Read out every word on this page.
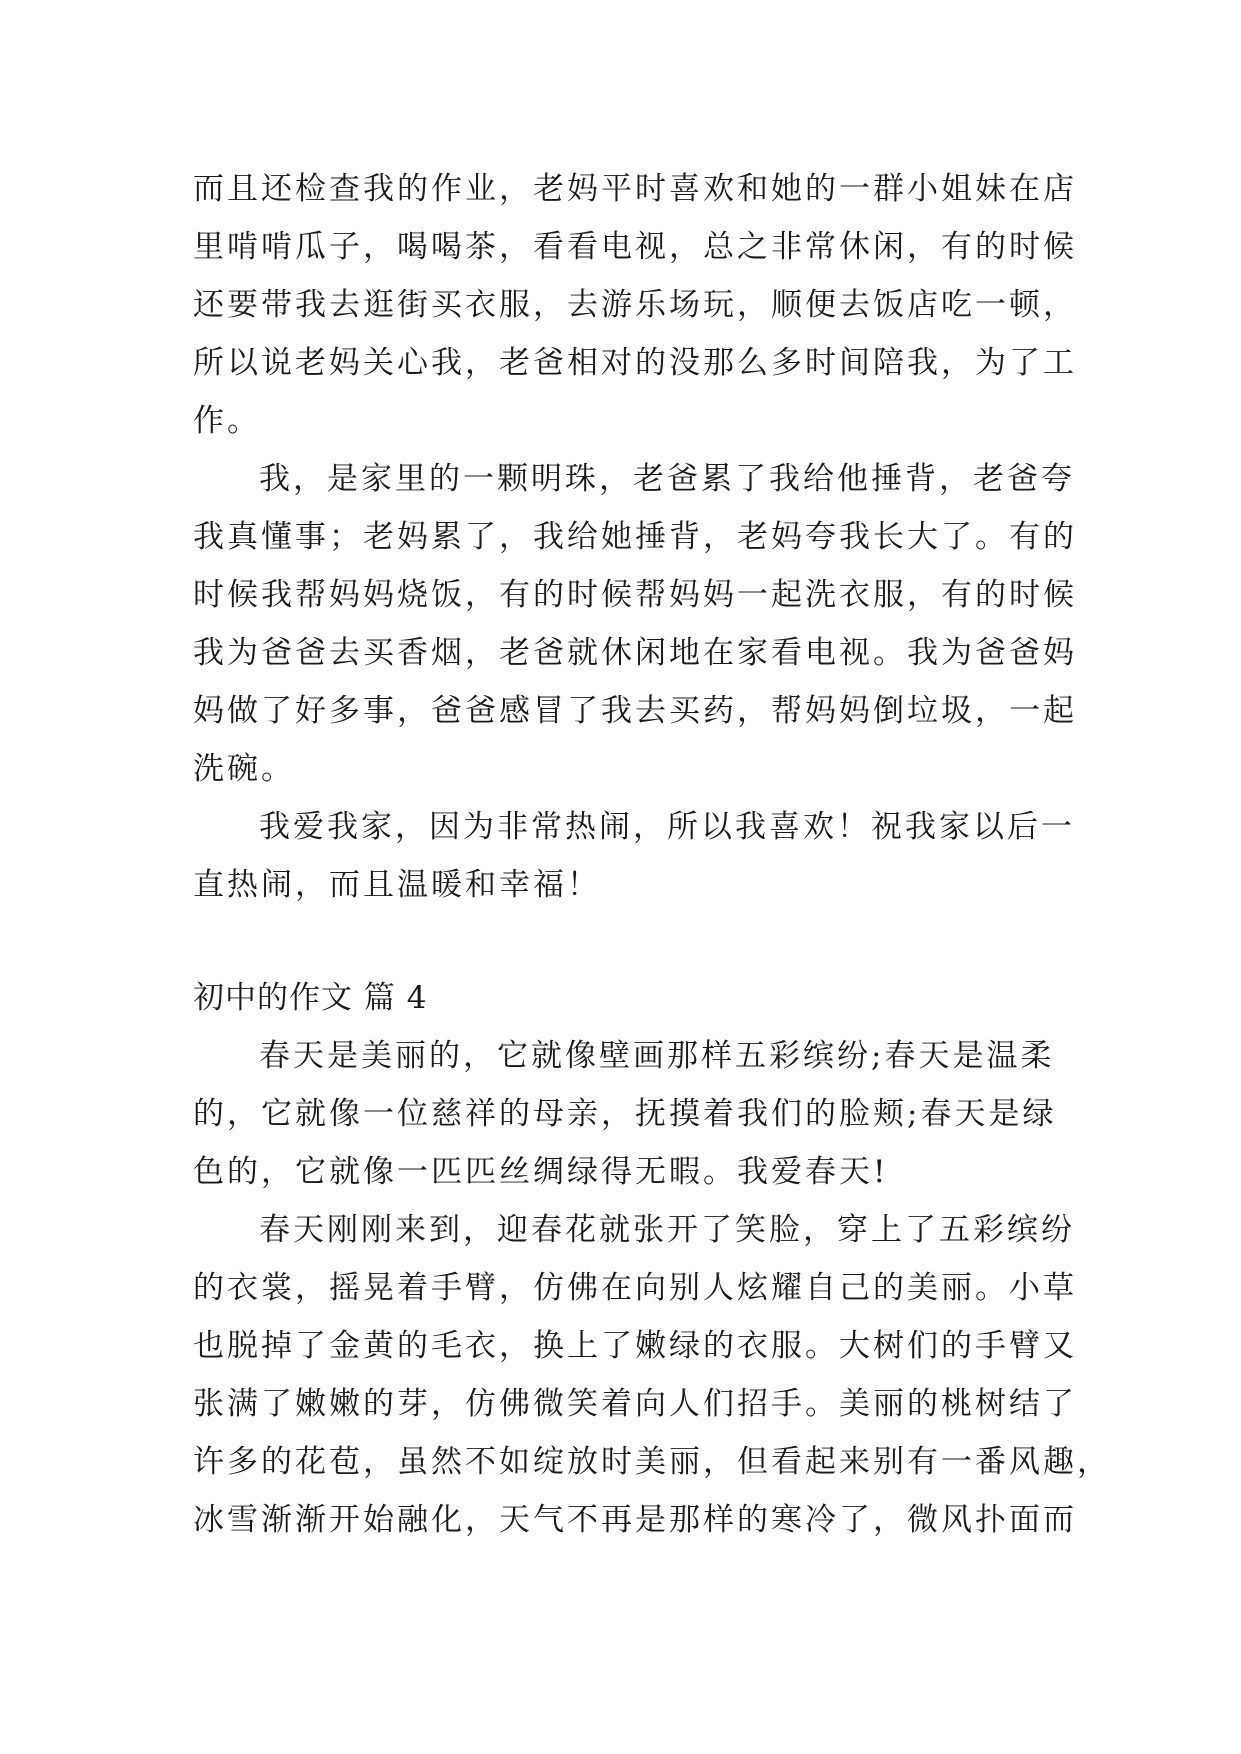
而且还检查我的作业，老妈平时喜欢和她的一群小姐妹在店
里啃啃瓜子，喝喝茶，看看电视，总之非常休闲，有的时候
还要带我去逛街买衣服，去游乐场玩，顺便去饭店吃一顿，
所以说老妈关心我，老爸相对的没那么多时间陪我，为了工
作。
我，是家里的一颗明珠，老爸累了我给他捶背，老爸夸
我真懂事；老妈累了，我给她捶背，老妈夸我长大了。有的
时候我帮妈妈烧饭，有的时候帮妈妈一起洗衣服，有的时候
我为爸爸去买香烟，老爸就休闲地在家看电视。我为爸爸妈
妈做了好多事，爸爸感冒了我去买药，帮妈妈倒垃圾，一起
洗碗。
我爱我家，因为非常热闹，所以我喜欢！祝我家以后一
直热闹，而且温暖和幸福！
初中的作文 篇 4
春天是美丽的，它就像壁画那样五彩缤纷;春天是温柔
的，它就像一位慈祥的母亲，抚摸着我们的脸颊;春天是绿
色的，它就像一匹匹丝绸绿得无暇。我爱春天!
春天刚刚来到，迎春花就张开了笑脸，穿上了五彩缤纷
的衣裳，摇晃着手臂，仿佛在向别人炫耀自己的美丽。小草
也脱掉了金黄的毛衣，换上了嫩绿的衣服。大树们的手臂又
张满了嫩嫩的芽，仿佛微笑着向人们招手。美丽的桃树结了
许多的花苞，虽然不如绽放时美丽，但看起来别有一番风趣，
冰雪渐渐开始融化，天气不再是那样的寒冷了，微风扑面而
